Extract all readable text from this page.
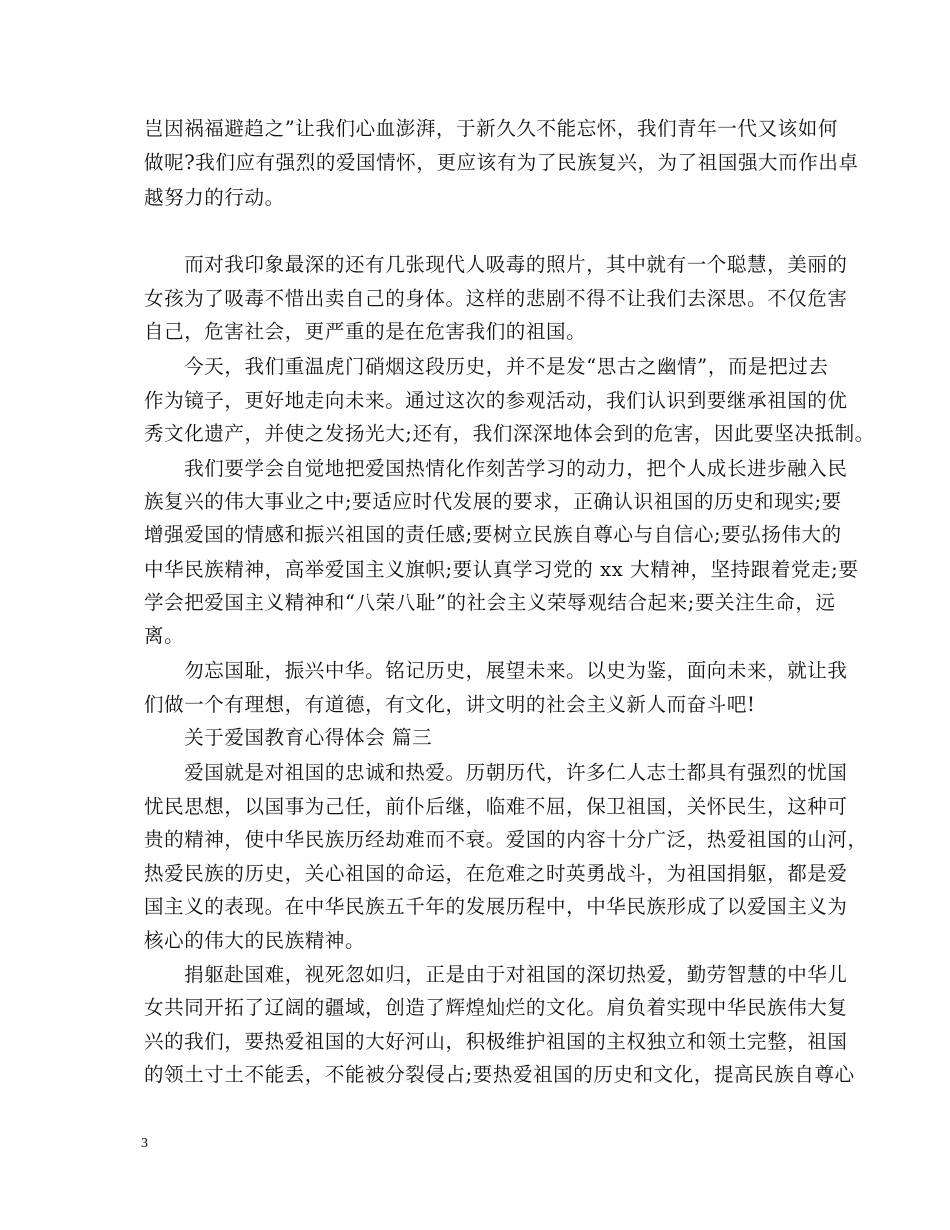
岂因祸福避趋之”让我们心血澎湃，于新久久不能忘怀，我们青年一代又该如何
做呢?我们应有强烈的爱国情怀，更应该有为了民族复兴，为了祖国强大而作出卓
越努力的行动。
　　而对我印象最深的还有几张现代人吸毒的照片，其中就有一个聪慧，美丽的
女孩为了吸毒不惜出卖自己的身体。这样的悲剧不得不让我们去深思。不仅危害
自己，危害社会，更严重的是在危害我们的祖国。
　　今天，我们重温虎门硝烟这段历史，并不是发“思古之幽情”，而是把过去
作为镜子，更好地走向未来。通过这次的参观活动，我们认识到要继承祖国的优
秀文化遗产，并使之发扬光大;还有，我们深深地体会到的危害，因此要坚决抵制。
　　我们要学会自觉地把爱国热情化作刻苦学习的动力，把个人成长进步融入民
族复兴的伟大事业之中;要适应时代发展的要求，正确认识祖国的历史和现实;要
增强爱国的情感和振兴祖国的责任感;要树立民族自尊心与自信心;要弘扬伟大的
中华民族精神，高举爱国主义旗帜;要认真学习党的 xx 大精神，坚持跟着党走;要
学会把爱国主义精神和“八荣八耻”的社会主义荣辱观结合起来;要关注生命，远
离。
　　勿忘国耻，振兴中华。铭记历史，展望未来。以史为鉴，面向未来，就让我
们做一个有理想，有道德，有文化，讲文明的社会主义新人而奋斗吧!
　　关于爱国教育心得体会 篇三
　　爱国就是对祖国的忠诚和热爱。历朝历代，许多仁人志士都具有强烈的忧国
忧民思想，以国事为己任，前仆后继，临难不屈，保卫祖国，关怀民生，这种可
贵的精神，使中华民族历经劫难而不衰。爱国的内容十分广泛，热爱祖国的山河，
热爱民族的历史，关心祖国的命运，在危难之时英勇战斗，为祖国捐躯，都是爱
国主义的表现。在中华民族五千年的发展历程中，中华民族形成了以爱国主义为
核心的伟大的民族精神。
　　捐躯赴国难，视死忽如归，正是由于对祖国的深切热爱，勤劳智慧的中华儿
女共同开拓了辽阔的疆域，创造了辉煌灿烂的文化。肩负着实现中华民族伟大复
兴的我们，要热爱祖国的大好河山，积极维护祖国的主权独立和领土完整，祖国
的领土寸土不能丢，不能被分裂侵占;要热爱祖国的历史和文化，提高民族自尊心
3
